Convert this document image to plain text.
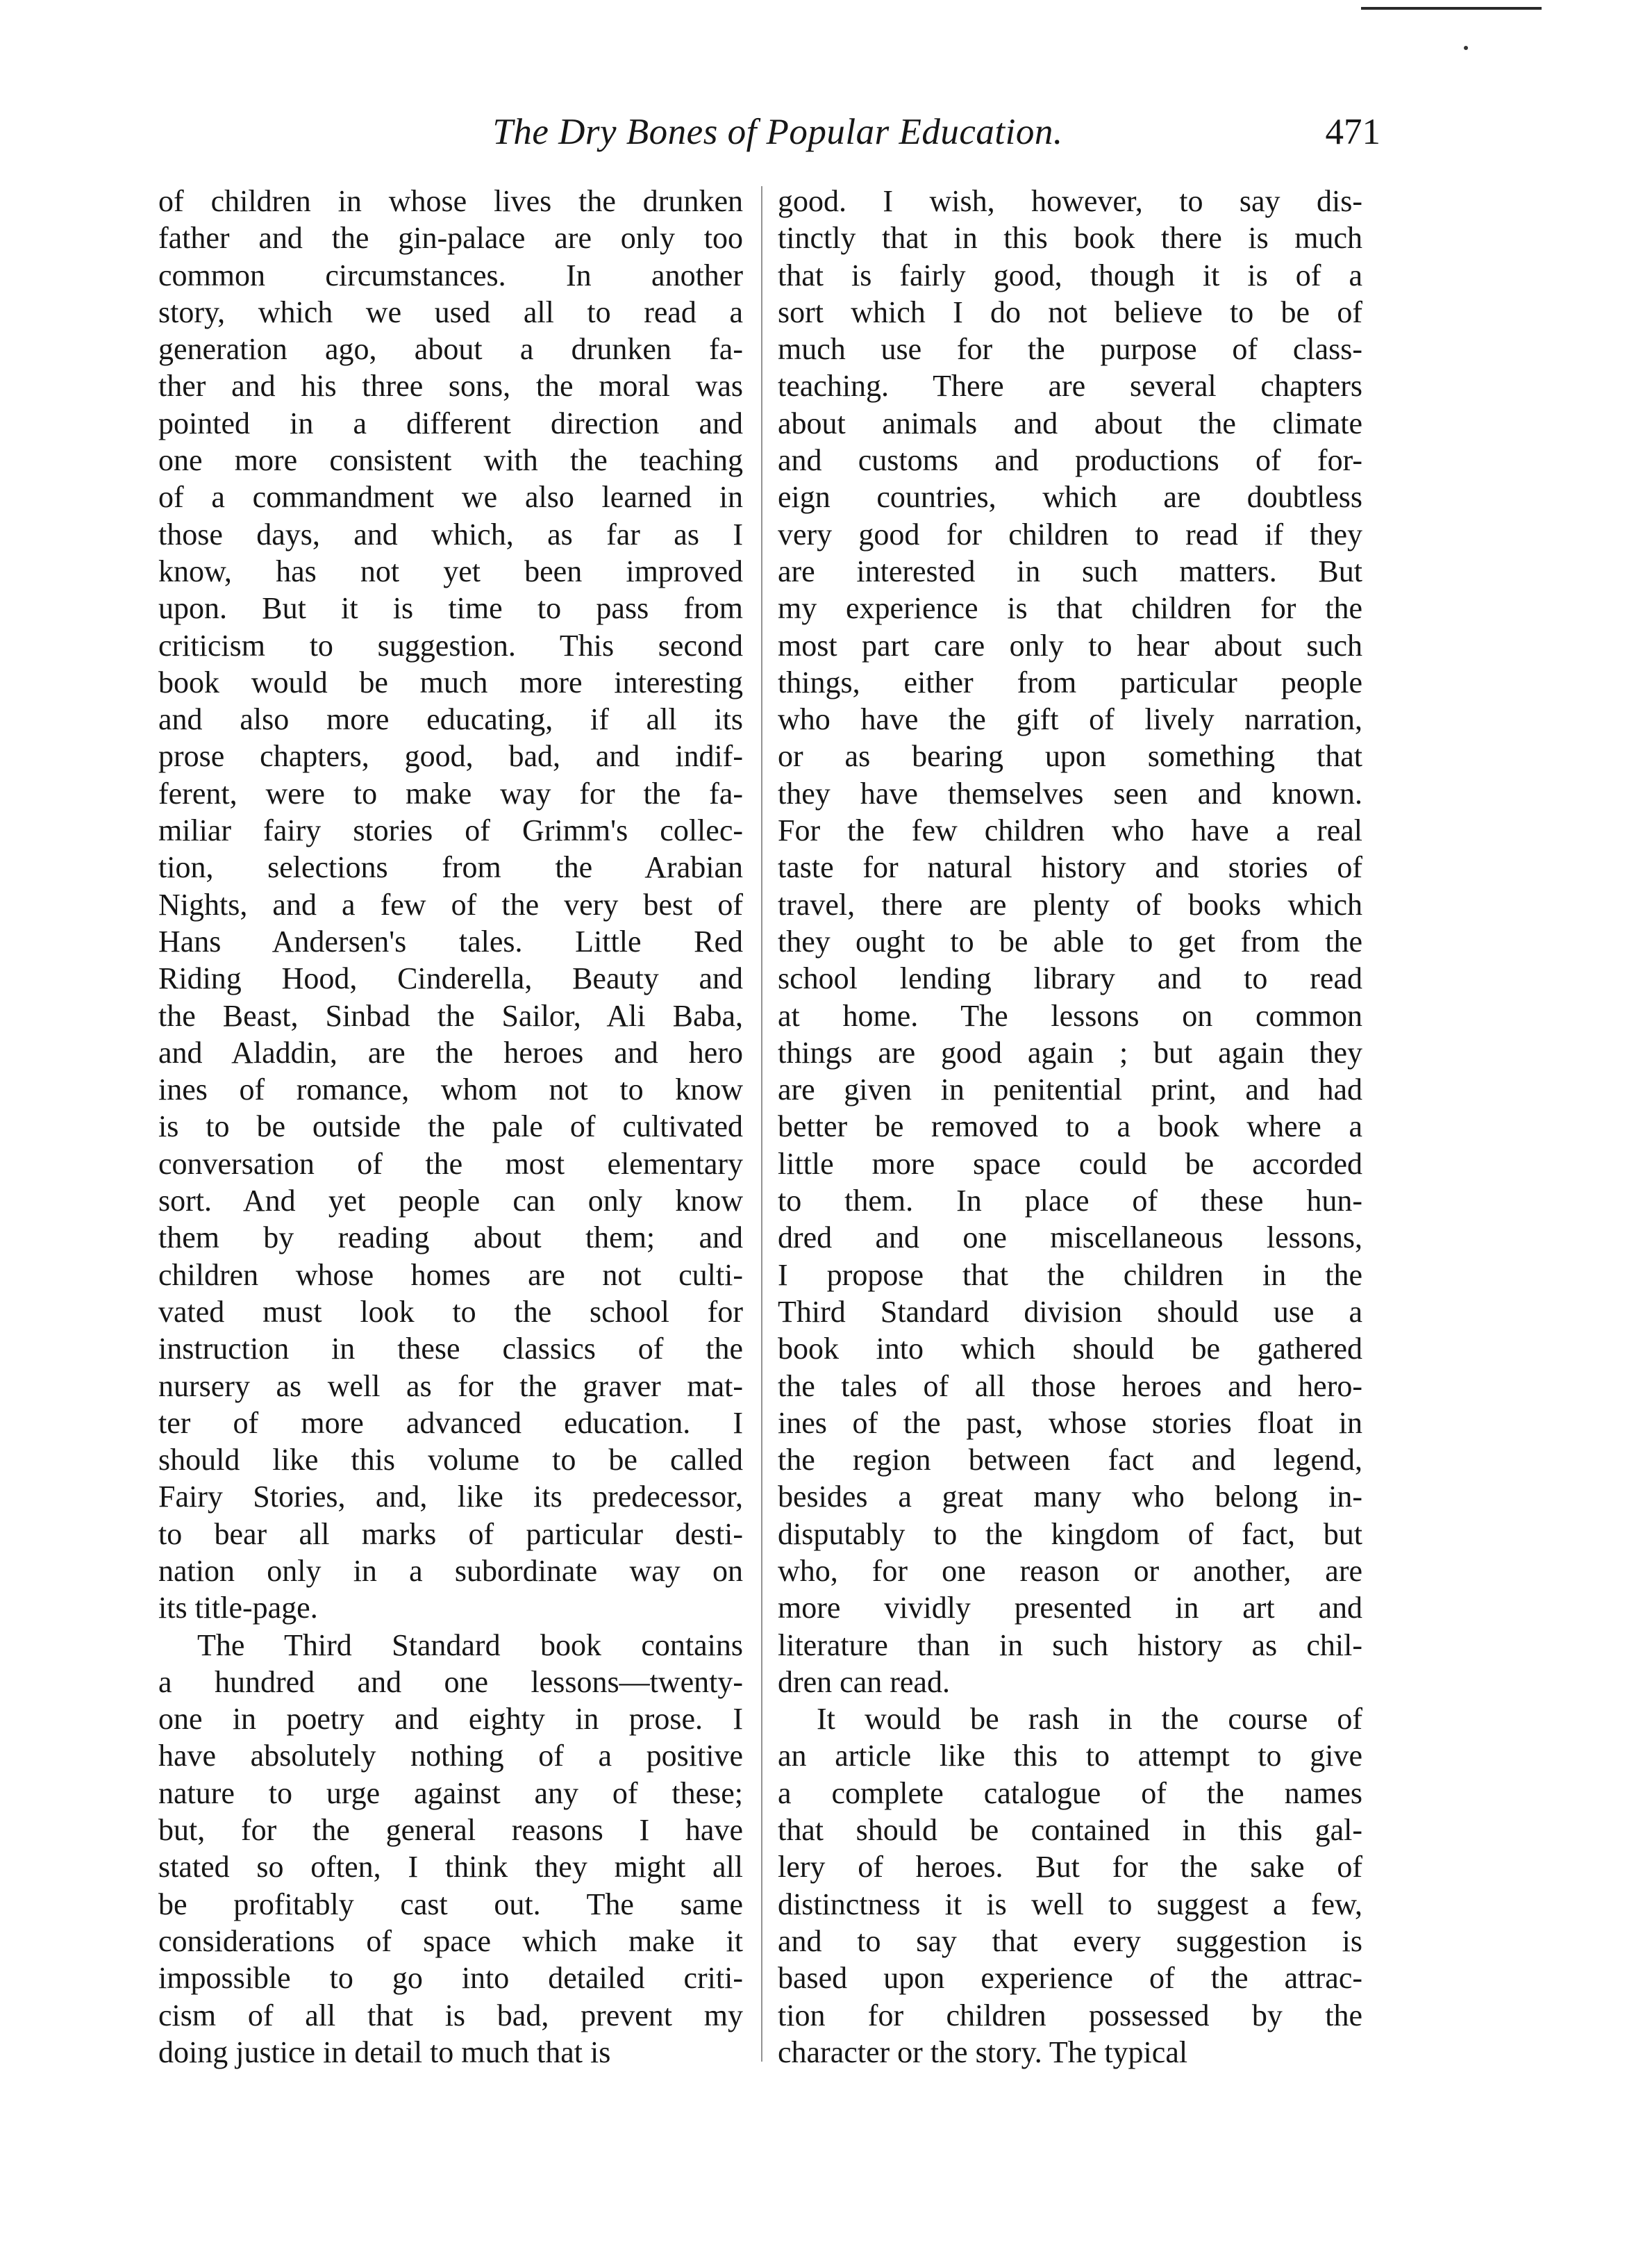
The Dry Bones of Popular Education.	471
of children in whose lives the drunken
father and the gin-palace are only too
common circumstances. In another
story, which we used all to read a
generation ago, about a drunken fa-
ther and his three sons, the moral was
pointed in a different direction and
one more consistent with the teaching
of a commandment we also learned in
those days, and which, as far as I
know, has not yet been improved
upon. But it is time to pass from
criticism to suggestion. This second
book would be much more interesting
and also more educating, if all its
prose chapters, good, bad, and indif-
ferent, were to make way for the fa-
miliar fairy stories of Grimm's collec-
tion, selections from the Arabian
Nights, and a few of the very best of
Hans Andersen's tales. Little Red
Riding Hood, Cinderella, Beauty and
the Beast, Sinbad the Sailor, Ali Baba,
and Aladdin, are the heroes and hero
ines of romance, whom not to know
is to be outside the pale of cultivated
conversation of the most elementary
sort. And yet people can only know
them by reading about them; and
children whose homes are not culti-
vated must look to the school for
instruction in these classics of the
nursery as well as for the graver mat-
ter of more advanced education. I
should like this volume to be called
Fairy Stories, and, like its predecessor,
to bear all marks of particular desti-
nation only in a subordinate way on
its title-page.
The Third Standard book contains
a hundred and one lessons—twenty-
one in poetry and eighty in prose. I
have absolutely nothing of a positive
nature to urge against any of these;
but, for the general reasons I have
stated so often, I think they might all
be profitably cast out. The same
considerations of space which make it
impossible to go into detailed criti-
cism of all that is bad, prevent my
doing justice in detail to much that is
good. I wish, however, to say dis-
tinctly that in this book there is much
that is fairly good, though it is of a
sort which I do not believe to be of
much use for the purpose of class-
teaching. There are several chapters
about animals and about the climate
and customs and productions of for-
eign countries, which are doubtless
very good for children to read if they
are interested in such matters. But
my experience is that children for the
most part care only to hear about such
things, either from particular people
who have the gift of lively narration,
or as bearing upon something that
they have themselves seen and known.
For the few children who have a real
taste for natural history and stories of
travel, there are plenty of books which
they ought to be able to get from the
school lending library and to read
at home. The lessons on common
things are good again ; but again they
are given in penitential print, and had
better be removed to a book where a
little more space could be accorded
to them. In place of these hun-
dred and one miscellaneous lessons,
I propose that the children in the
Third Standard division should use a
book into which should be gathered
the tales of all those heroes and hero-
ines of the past, whose stories float in
the region between fact and legend,
besides a great many who belong in-
disputably to the kingdom of fact, but
who, for one reason or another, are
more vividly presented in art and
literature than in such history as chil-
dren can read.
It would be rash in the course of
an article like this to attempt to give
a complete catalogue of the names
that should be contained in this gal-
lery of heroes. But for the sake of
distinctness it is well to suggest a few,
and to say that every suggestion is
based upon experience of the attrac-
tion for children possessed by the
character or the story. The typical
